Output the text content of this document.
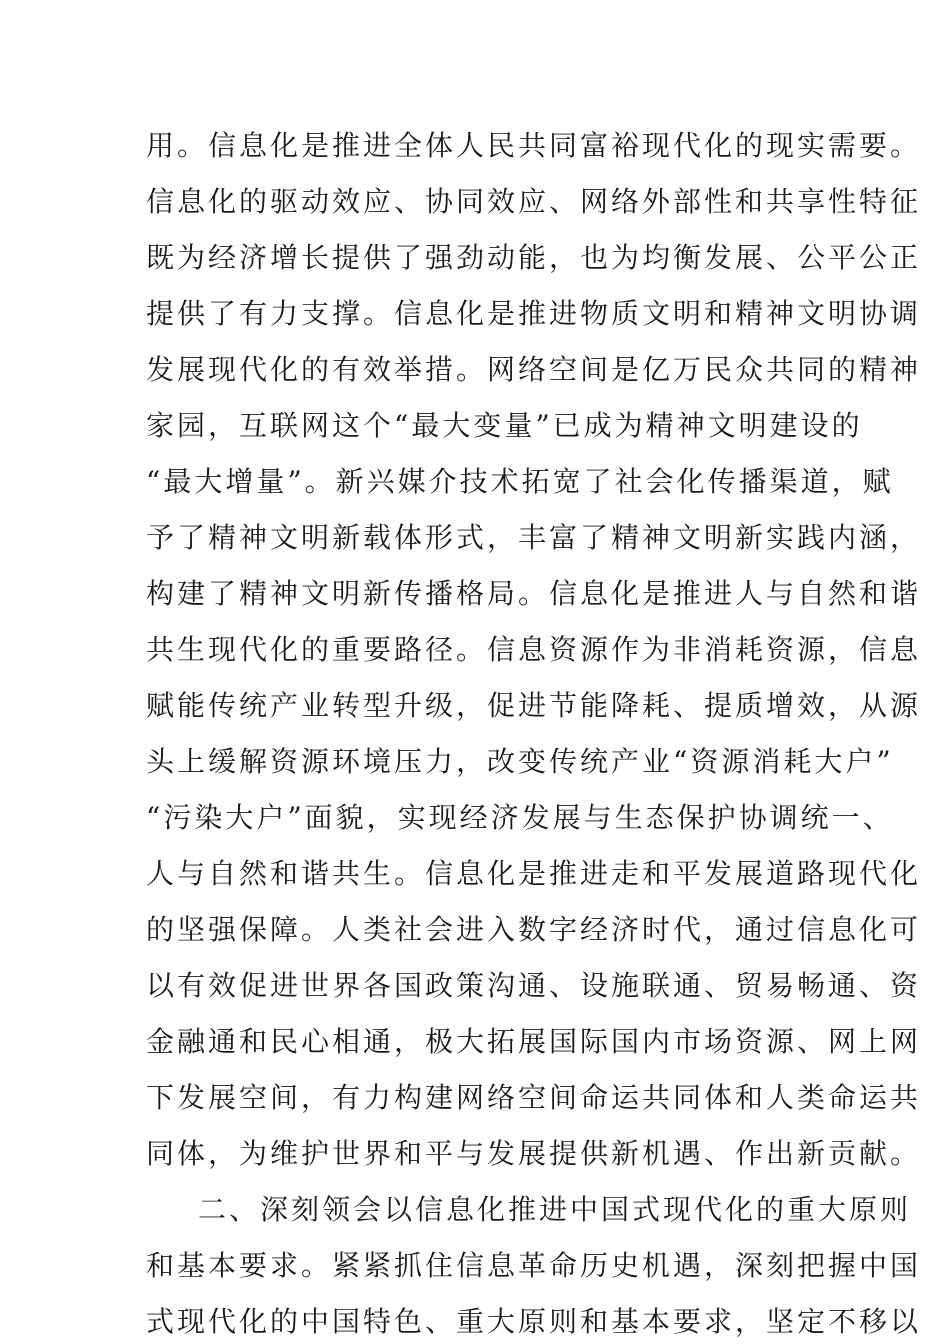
用。信息化是推进全体人民共同富裕现代化的现实需要。
信息化的驱动效应、协同效应、网络外部性和共享性特征
既为经济增长提供了强劲动能，也为均衡发展、公平公正
提供了有力支撑。信息化是推进物质文明和精神文明协调
发展现代化的有效举措。网络空间是亿万民众共同的精神
家园，互联网这个“最大变量”已成为精神文明建设的
“最大增量”。新兴媒介技术拓宽了社会化传播渠道，赋
予了精神文明新载体形式，丰富了精神文明新实践内涵，
构建了精神文明新传播格局。信息化是推进人与自然和谐
共生现代化的重要路径。信息资源作为非消耗资源，信息
赋能传统产业转型升级，促进节能降耗、提质增效，从源
头上缓解资源环境压力，改变传统产业“资源消耗大户”
“污染大户”面貌，实现经济发展与生态保护协调统一、
人与自然和谐共生。信息化是推进走和平发展道路现代化
的坚强保障。人类社会进入数字经济时代，通过信息化可
以有效促进世界各国政策沟通、设施联通、贸易畅通、资
金融通和民心相通，极大拓展国际国内市场资源、网上网
下发展空间，有力构建网络空间命运共同体和人类命运共
同体，为维护世界和平与发展提供新机遇、作出新贡献。
二、深刻领会以信息化推进中国式现代化的重大原则
和基本要求。紧紧抓住信息革命历史机遇，深刻把握中国
式现代化的中国特色、重大原则和基本要求，坚定不移以
